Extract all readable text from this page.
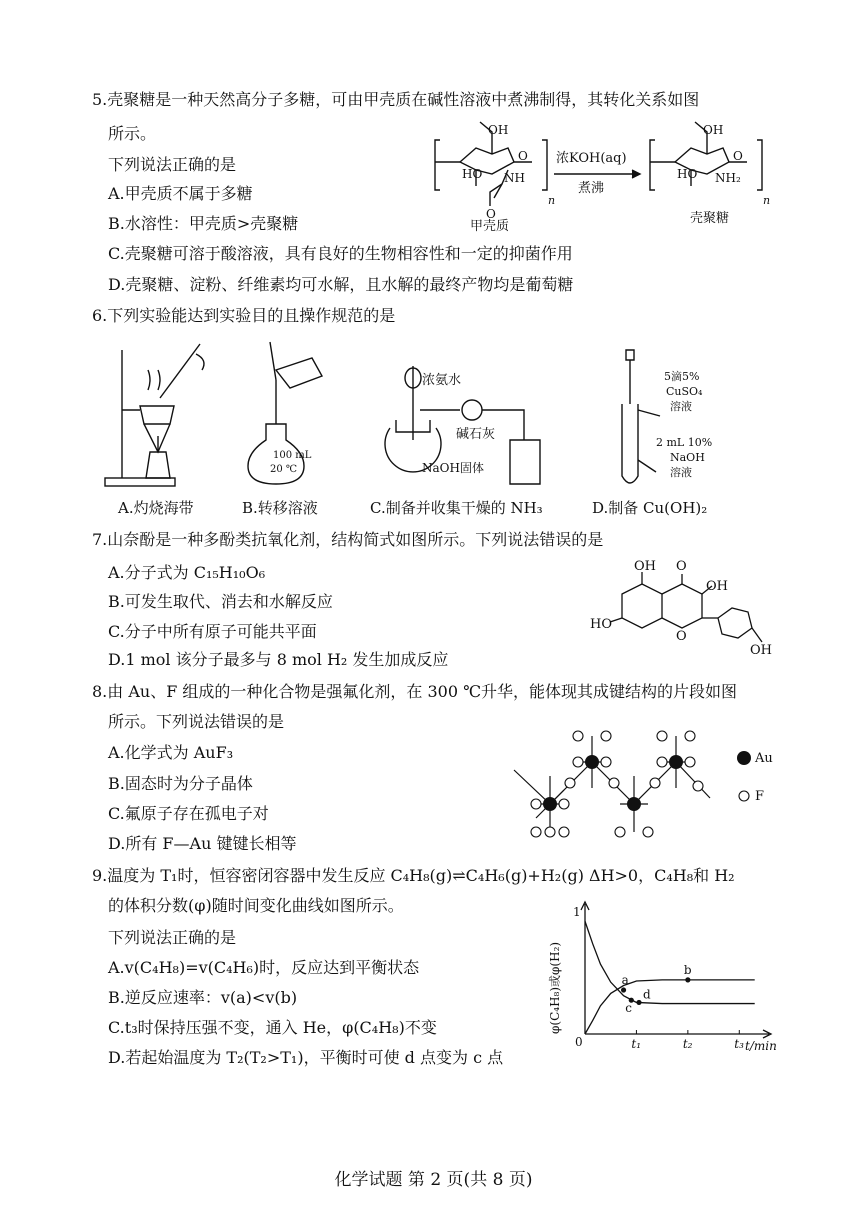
5.壳聚糖是一种天然高分子多糖，可由甲壳质在碱性溶液中煮沸制得，其转化关系如图
所示。
下列说法正确的是
A.甲壳质不属于多糖
B.水溶性：甲壳质>壳聚糖
C.壳聚糖可溶于酸溶液，具有良好的生物相容性和一定的抑菌作用
D.壳聚糖、淀粉、纤维素均可水解，且水解的最终产物均是葡萄糖
OH
HO NH
O
O
n
甲壳质
浓KOH(aq)
煮沸
OH
HO NH₂
O
n
壳聚糖
6.下列实验能达到实验目的且操作规范的是
100 mL
20 ℃
浓氨水
碱石灰
NaOH固体
5滴5%
CuSO₄
溶液
2 mL 10%
NaOH
溶液
A.灼烧海带	B.转移溶液	C.制备并收集干燥的 NH₃	D.制备 Cu(OH)₂
7.山奈酚是一种多酚类抗氧化剂，结构简式如图所示。下列说法错误的是
A.分子式为 C₁₅H₁₀O₆
B.可发生取代、消去和水解反应
C.分子中所有原子可能共平面
D.1 mol 该分子最多与 8 mol H₂ 发生加成反应
OH O
OH
HO
O
OH
8.由 Au、F 组成的一种化合物是强氟化剂，在 300 ℃升华，能体现其成键结构的片段如图
所示。下列说法错误的是
A.化学式为 AuF₃
B.固态时为分子晶体
C.氟原子存在孤电子对
D.所有 F—Au 键键长相等
Au
F
9.温度为 T₁时，恒容密闭容器中发生反应 C₄H₈(g)⇌C₄H₆(g)+H₂(g) ΔH>0，C₄H₈和 H₂
的体积分数(φ)随时间变化曲线如图所示。
下列说法正确的是
A.v(C₄H₈)=v(C₄H₆)时，反应达到平衡状态
B.逆反应速率：v(a)<v(b)
C.t₃时保持压强不变，通入 He，φ(C₄H₈)不变
D.若起始温度为 T₂(T₂>T₁)，平衡时可使 d 点变为 c 点
t₁	t₂	t₃
a
b
c
d
φ(C₄H₈)或φ(H₂)
0
1
t/min
化学试题 第 2 页(共 8 页)
